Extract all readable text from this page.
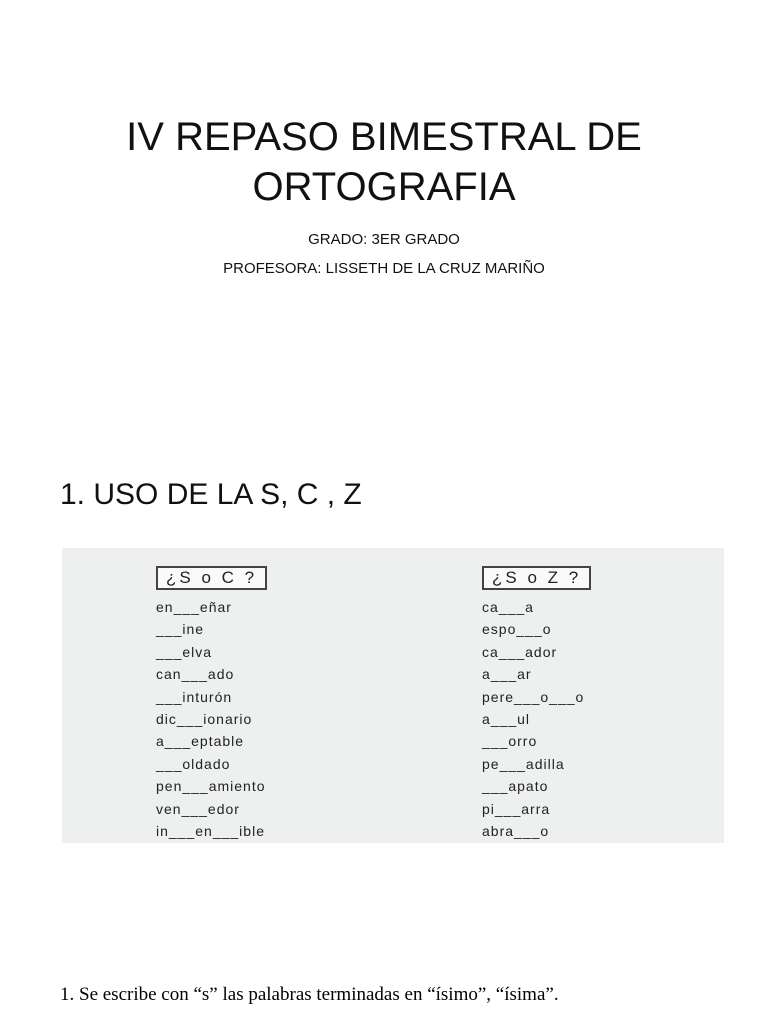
IV REPASO BIMESTRAL DE
ORTOGRAFIA
GRADO: 3ER GRADO
PROFESORA: LISSETH DE LA CRUZ MARIÑO
1. USO DE LA S, C , Z
¿S o C ?
en___eñar
___ine
___elva
can___ado
___inturón
dic___ionario
a___eptable
___oldado
pen___amiento
ven___edor
in___en___ible
¿S o Z ?
ca___a
espo___o
ca___ador
a___ar
pere___o___o
a___ul
___orro
pe___adilla
___apato
pi___arra
abra___o
1. Se escribe con “s” las palabras terminadas en “ísimo”, “ísima”.
